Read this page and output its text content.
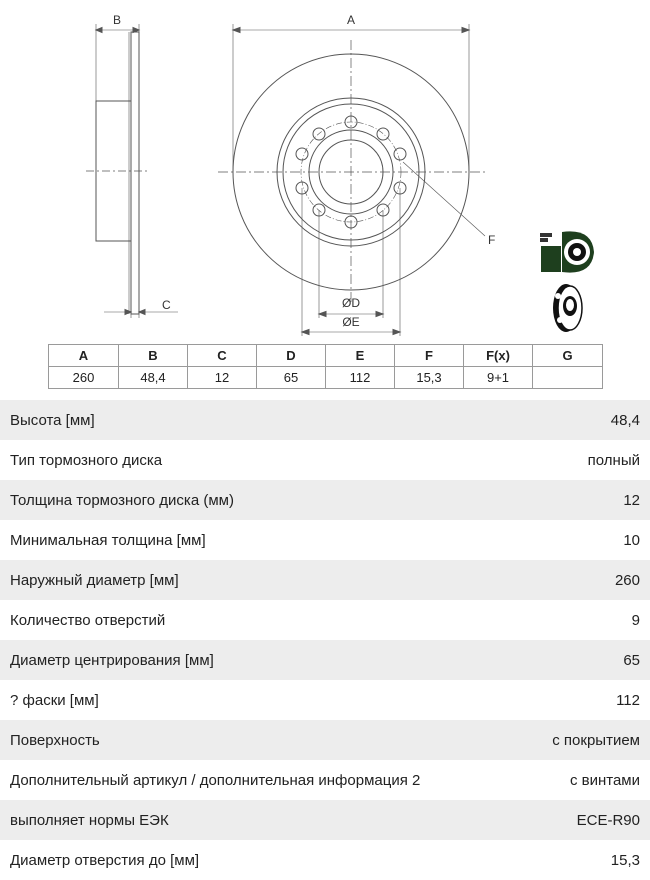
B	A
C
F
ØD
ØE
A	B	C	D	E	F	F(x)	G
260	48,4	12	65	112	15,3	9+1	
Высота [мм]	48,4
Тип тормозного диска	полный
Толщина тормозного диска (мм)	12
Минимальная толщина [мм]	10
Наружный диаметр [мм]	260
Количество отверстий	9
Диаметр центрирования [мм]	65
? фаски [мм]	112
Поверхность	с покрытием
Дополнительный артикул / дополнительная информация 2	с винтами
выполняет нормы ЕЭК	ECE-R90
Диаметр отверстия до [мм]	15,3
